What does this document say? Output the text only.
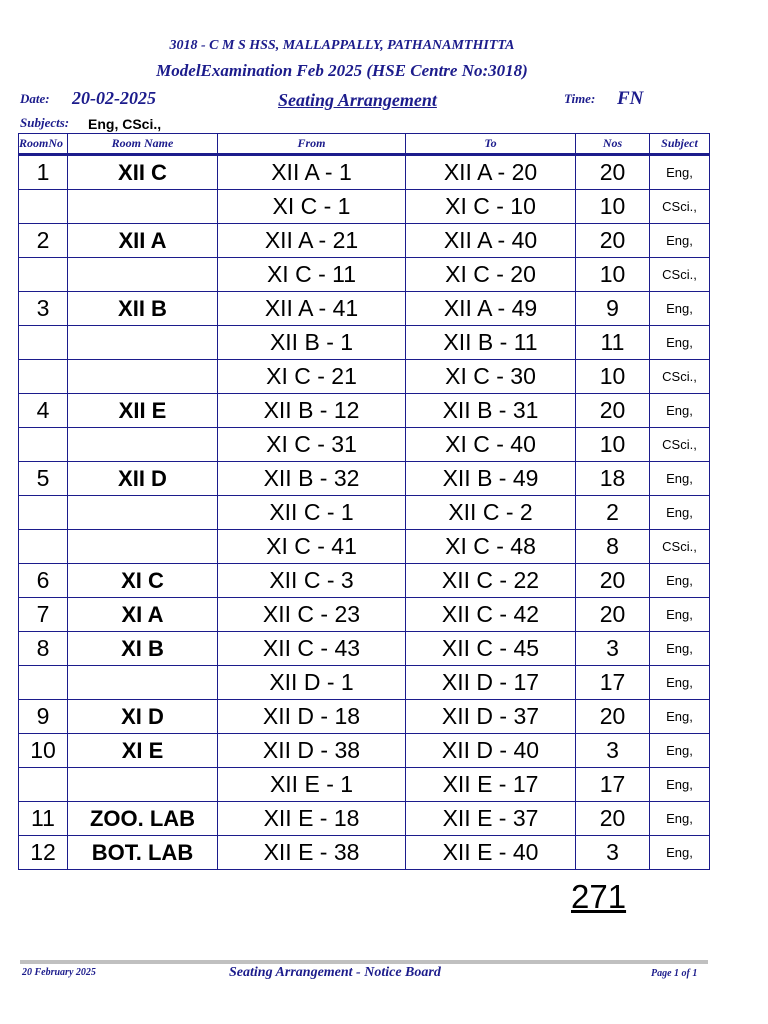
3018 - C M S HSS, MALLAPPALLY, PATHANAMTHITTA
ModelExamination Feb 2025 (HSE Centre No:3018)
Date: 20-02-2025	Seating Arrangement	Time: FN
Subjects: Eng, CSci.,
RoomNo	Room Name	From	To	Nos	Subject
1	XII C	XII A - 1	XII A - 20	20	Eng,
		XI C - 1	XI C - 10	10	CSci.,
2	XII A	XII A - 21	XII A - 40	20	Eng,
		XI C - 11	XI C - 20	10	CSci.,
3	XII B	XII A - 41	XII A - 49	9	Eng,
		XII B - 1	XII B - 11	11	Eng,
		XI C - 21	XI C - 30	10	CSci.,
4	XII E	XII B - 12	XII B - 31	20	Eng,
		XI C - 31	XI C - 40	10	CSci.,
5	XII D	XII B - 32	XII B - 49	18	Eng,
		XII C - 1	XII C - 2	2	Eng,
		XI C - 41	XI C - 48	8	CSci.,
6	XI C	XII C - 3	XII C - 22	20	Eng,
7	XI A	XII C - 23	XII C - 42	20	Eng,
8	XI B	XII C - 43	XII C - 45	3	Eng,
		XII D - 1	XII D - 17	17	Eng,
9	XI D	XII D - 18	XII D - 37	20	Eng,
10	XI E	XII D - 38	XII D - 40	3	Eng,
		XII E - 1	XII E - 17	17	Eng,
11	ZOO. LAB	XII E - 18	XII E - 37	20	Eng,
12	BOT. LAB	XII E - 38	XII E - 40	3	Eng,
271
20 February 2025	Seating Arrangement - Notice Board	Page 1 of 1
